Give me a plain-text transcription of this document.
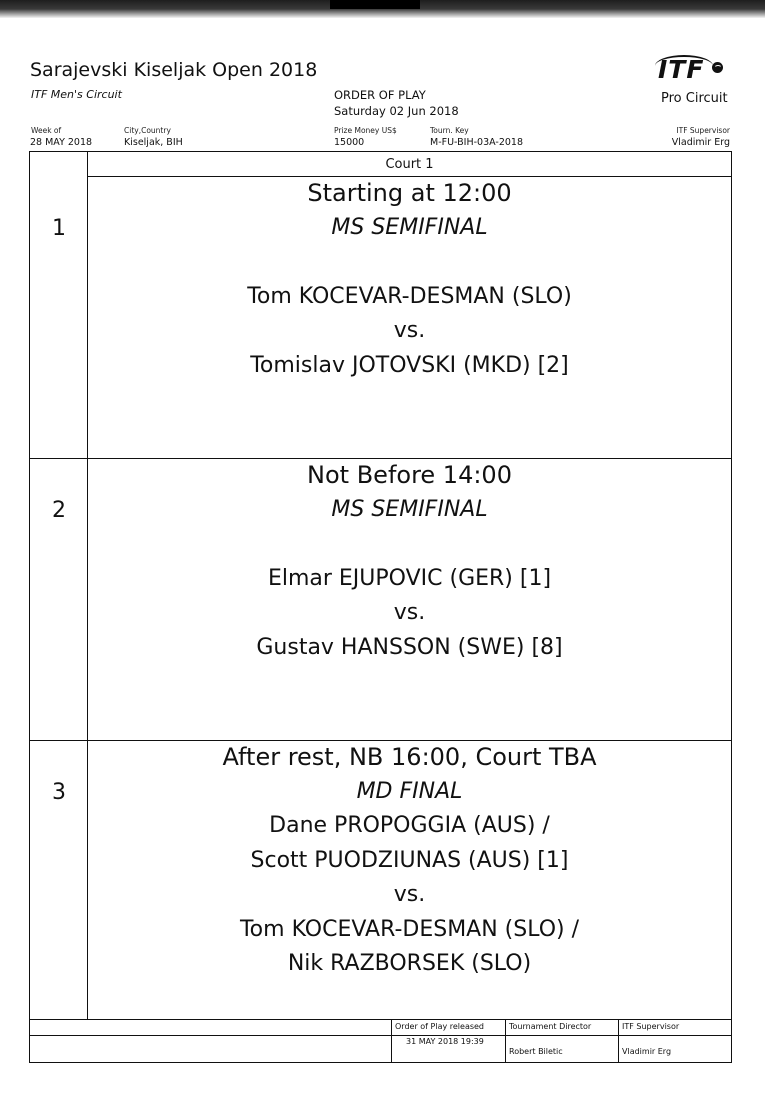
Sarajevski Kiseljak Open 2018
ITF Men's Circuit	ORDER OF PLAY
Saturday 02 Jun 2018
ITF
Pro Circuit
Week of
28 MAY 2018
City,Country
Kiseljak, BIH
Prize Money US$
15000
Tourn. Key
M-FU-BIH-03A-2018
ITF Supervisor
Vladimir Erg
Court 1
1
Starting at 12:00
MS SEMIFINAL
Tom KOCEVAR-DESMAN (SLO)
vs.
Tomislav JOTOVSKI (MKD) [2]
2
Not Before 14:00
MS SEMIFINAL
Elmar EJUPOVIC (GER) [1]
vs.
Gustav HANSSON (SWE) [8]
3
After rest, NB 16:00, Court TBA
MD FINAL
Dane PROPOGGIA (AUS) /
Scott PUODZIUNAS (AUS) [1]
vs.
Tom KOCEVAR-DESMAN (SLO) /
Nik RAZBORSEK (SLO)
Order of Play released
31 MAY 2018 19:39
Tournament Director
Robert Biletic
ITF Supervisor
Vladimir Erg
